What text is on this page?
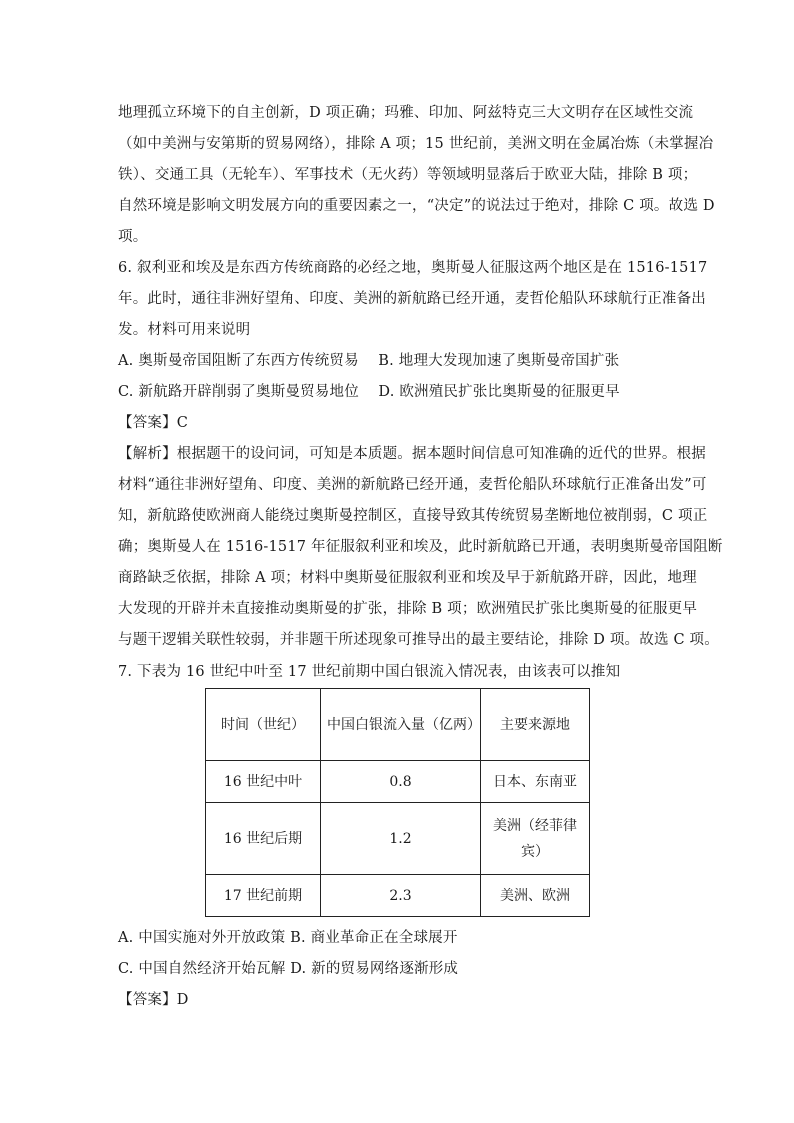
地理孤立环境下的自主创新，D 项正确；玛雅、印加、阿兹特克三大文明存在区域性交流
（如中美洲与安第斯的贸易网络），排除 A 项；15 世纪前，美洲文明在金属冶炼（未掌握冶
铁）、交通工具（无轮车）、军事技术（无火药）等领域明显落后于欧亚大陆，排除 B 项；
自然环境是影响文明发展方向的重要因素之一，“决定”的说法过于绝对，排除 C 项。故选 D
项。
6. 叙利亚和埃及是东西方传统商路的必经之地，奥斯曼人征服这两个地区是在 1516-1517
年。此时，通往非洲好望角、印度、美洲的新航路已经开通，麦哲伦船队环球航行正准备出
发。材料可用来说明
A. 奥斯曼帝国阻断了东西方传统贸易　 B. 地理大发现加速了奥斯曼帝国扩张
C. 新航路开辟削弱了奥斯曼贸易地位　 D. 欧洲殖民扩张比奥斯曼的征服更早
【答案】C
【解析】根据题干的设问词，可知是本质题。据本题时间信息可知准确的近代的世界。根据
材料“通往非洲好望角、印度、美洲的新航路已经开通，麦哲伦船队环球航行正准备出发”可
知，新航路使欧洲商人能绕过奥斯曼控制区，直接导致其传统贸易垄断地位被削弱，C 项正
确；奥斯曼人在 1516-1517 年征服叙利亚和埃及，此时新航路已开通，表明奥斯曼帝国阻断
商路缺乏依据，排除 A 项；材料中奥斯曼征服叙利亚和埃及早于新航路开辟，因此，地理
大发现的开辟并未直接推动奥斯曼的扩张，排除 B 项；欧洲殖民扩张比奥斯曼的征服更早
与题干逻辑关联性较弱，并非题干所述现象可推导出的最主要结论，排除 D 项。故选 C 项。
7. 下表为 16 世纪中叶至 17 世纪前期中国白银流入情况表，由该表可以推知
时间（世纪）	中国白银流入量（亿两）	主要来源地
16 世纪中叶	0.8	日本、东南亚
16 世纪后期	1.2	美洲（经菲律宾）
17 世纪前期	2.3	美洲、欧洲
A. 中国实施对外开放政策 B. 商业革命正在全球展开
C. 中国自然经济开始瓦解 D. 新的贸易网络逐渐形成
【答案】D
